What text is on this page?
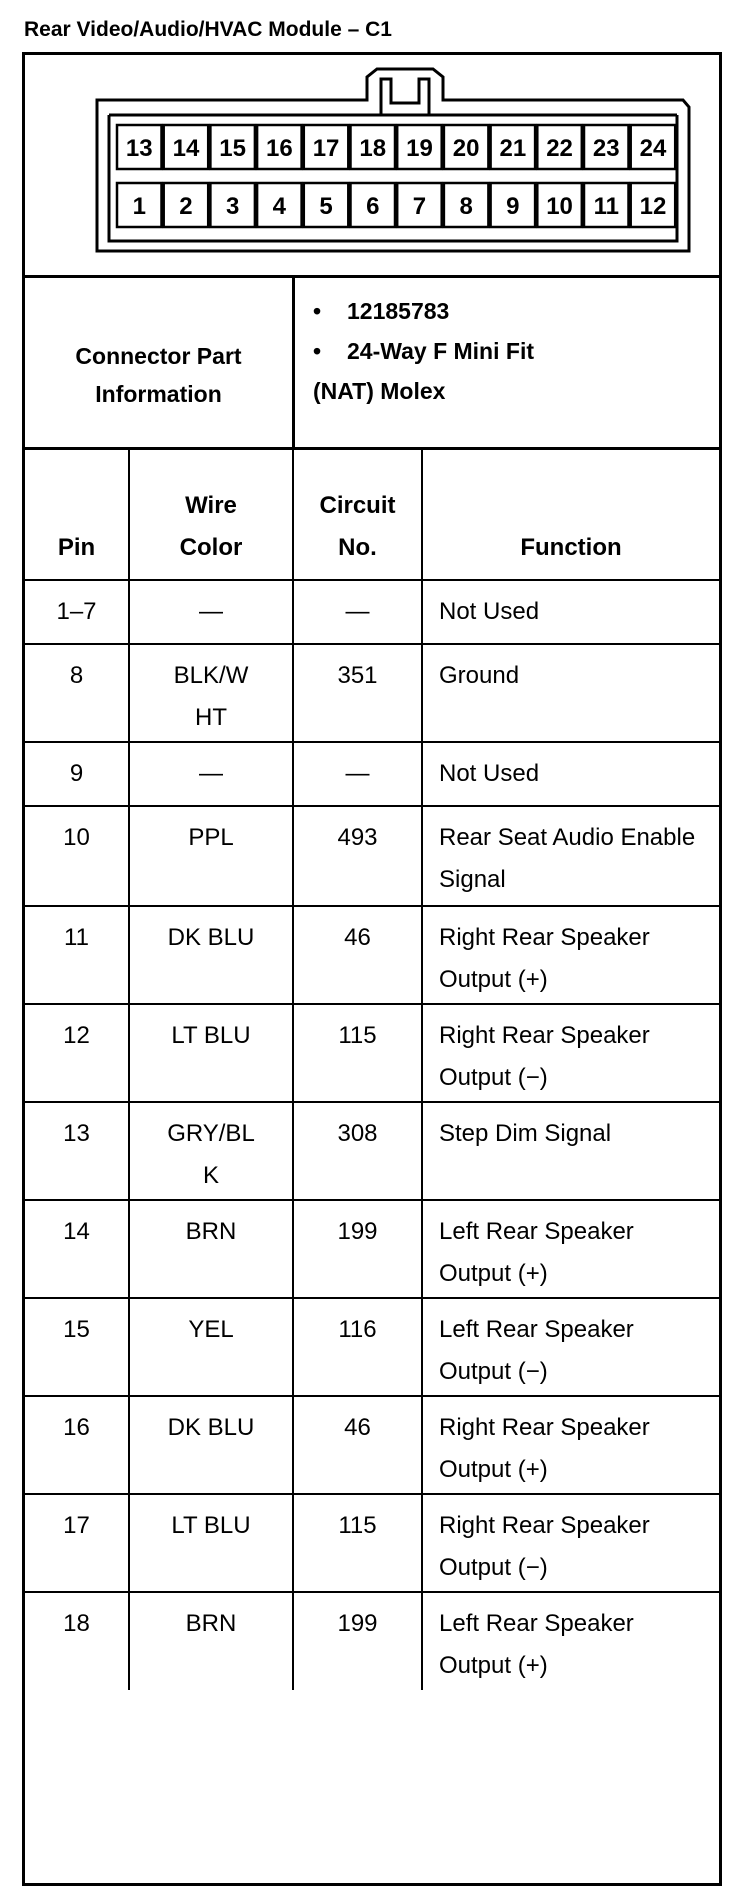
Rear Video/Audio/HVAC Module – C1
13 14 15 16 17 18 19 20 21 22 23 24
1 2 3 4 5 6 7 8 9 10 11 12
Connector Part Information
• 12185783
• 24-Way F Mini Fit
(NAT) Molex
Pin	Wire Color	Circuit No.	Function
1–7	—	—	Not Used
8	BLK/WHT	351	Ground
9	—	—	Not Used
10	PPL	493	Rear Seat Audio Enable Signal
11	DK BLU	46	Right Rear Speaker Output (+)
12	LT BLU	115	Right Rear Speaker Output (−)
13	GRY/BLK	308	Step Dim Signal
14	BRN	199	Left Rear Speaker Output (+)
15	YEL	116	Left Rear Speaker Output (−)
16	DK BLU	46	Right Rear Speaker Output (+)
17	LT BLU	115	Right Rear Speaker Output (−)
18	BRN	199	Left Rear Speaker Output (+)
